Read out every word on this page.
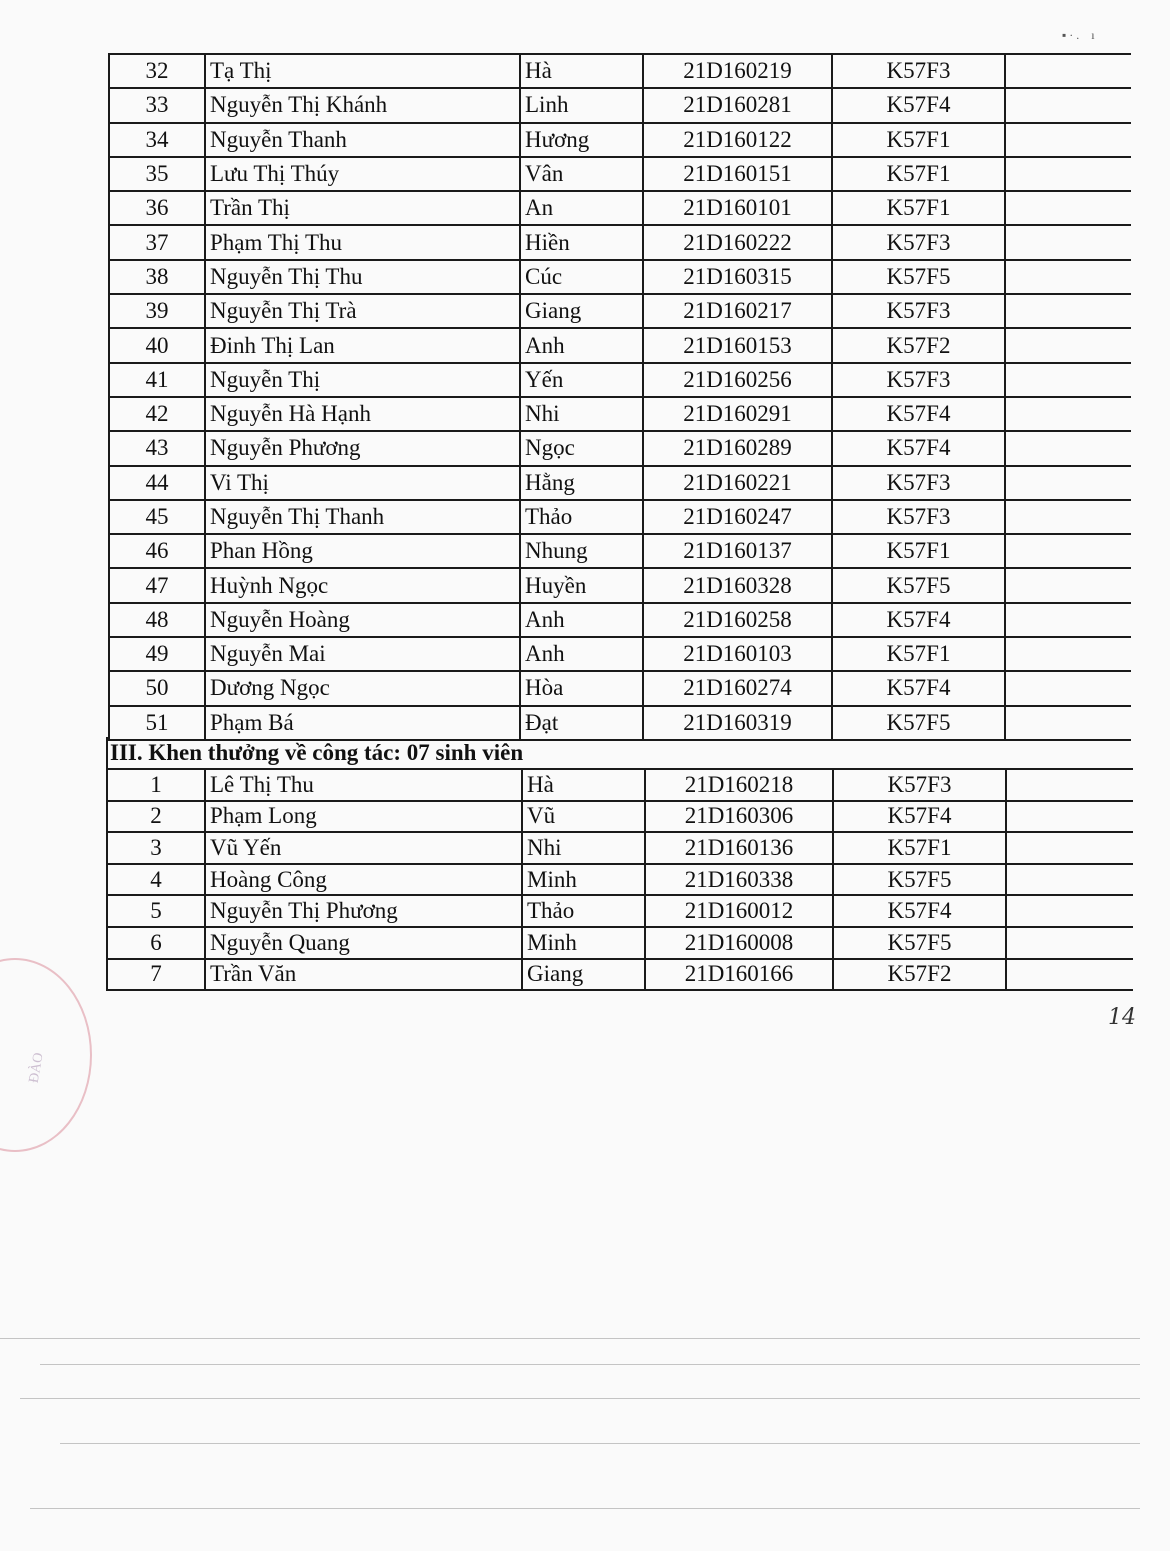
32	Tạ Thị	Hà	21D160219	K57F3	
33	Nguyễn Thị Khánh	Linh	21D160281	K57F4	
34	Nguyễn Thanh	Hương	21D160122	K57F1	
35	Lưu Thị Thúy	Vân	21D160151	K57F1	
36	Trần Thị	An	21D160101	K57F1	
37	Phạm Thị Thu	Hiền	21D160222	K57F3	
38	Nguyễn Thị Thu	Cúc	21D160315	K57F5	
39	Nguyễn Thị Trà	Giang	21D160217	K57F3	
40	Đinh Thị Lan	Anh	21D160153	K57F2	
41	Nguyễn Thị	Yến	21D160256	K57F3	
42	Nguyễn Hà Hạnh	Nhi	21D160291	K57F4	
43	Nguyễn Phương	Ngọc	21D160289	K57F4	
44	Vi Thị	Hằng	21D160221	K57F3	
45	Nguyễn Thị Thanh	Thảo	21D160247	K57F3	
46	Phan Hồng	Nhung	21D160137	K57F1	
47	Huỳnh Ngọc	Huyền	21D160328	K57F5	
48	Nguyễn Hoàng	Anh	21D160258	K57F4	
49	Nguyễn Mai	Anh	21D160103	K57F1	
50	Dương Ngọc	Hòa	21D160274	K57F4	
51	Phạm Bá	Đạt	21D160319	K57F5	
III. Khen thưởng về công tác: 07 sinh viên
1	Lê Thị Thu	Hà	21D160218	K57F3	
2	Phạm Long	Vũ	21D160306	K57F4	
3	Vũ Yến	Nhi	21D160136	K57F1	
4	Hoàng Công	Minh	21D160338	K57F5	
5	Nguyễn Thị Phương	Thảo	21D160012	K57F4	
6	Nguyễn Quang	Minh	21D160008	K57F5	
7	Trần Văn	Giang	21D160166	K57F2	
14
ĐÀO
▪ · .    ı
